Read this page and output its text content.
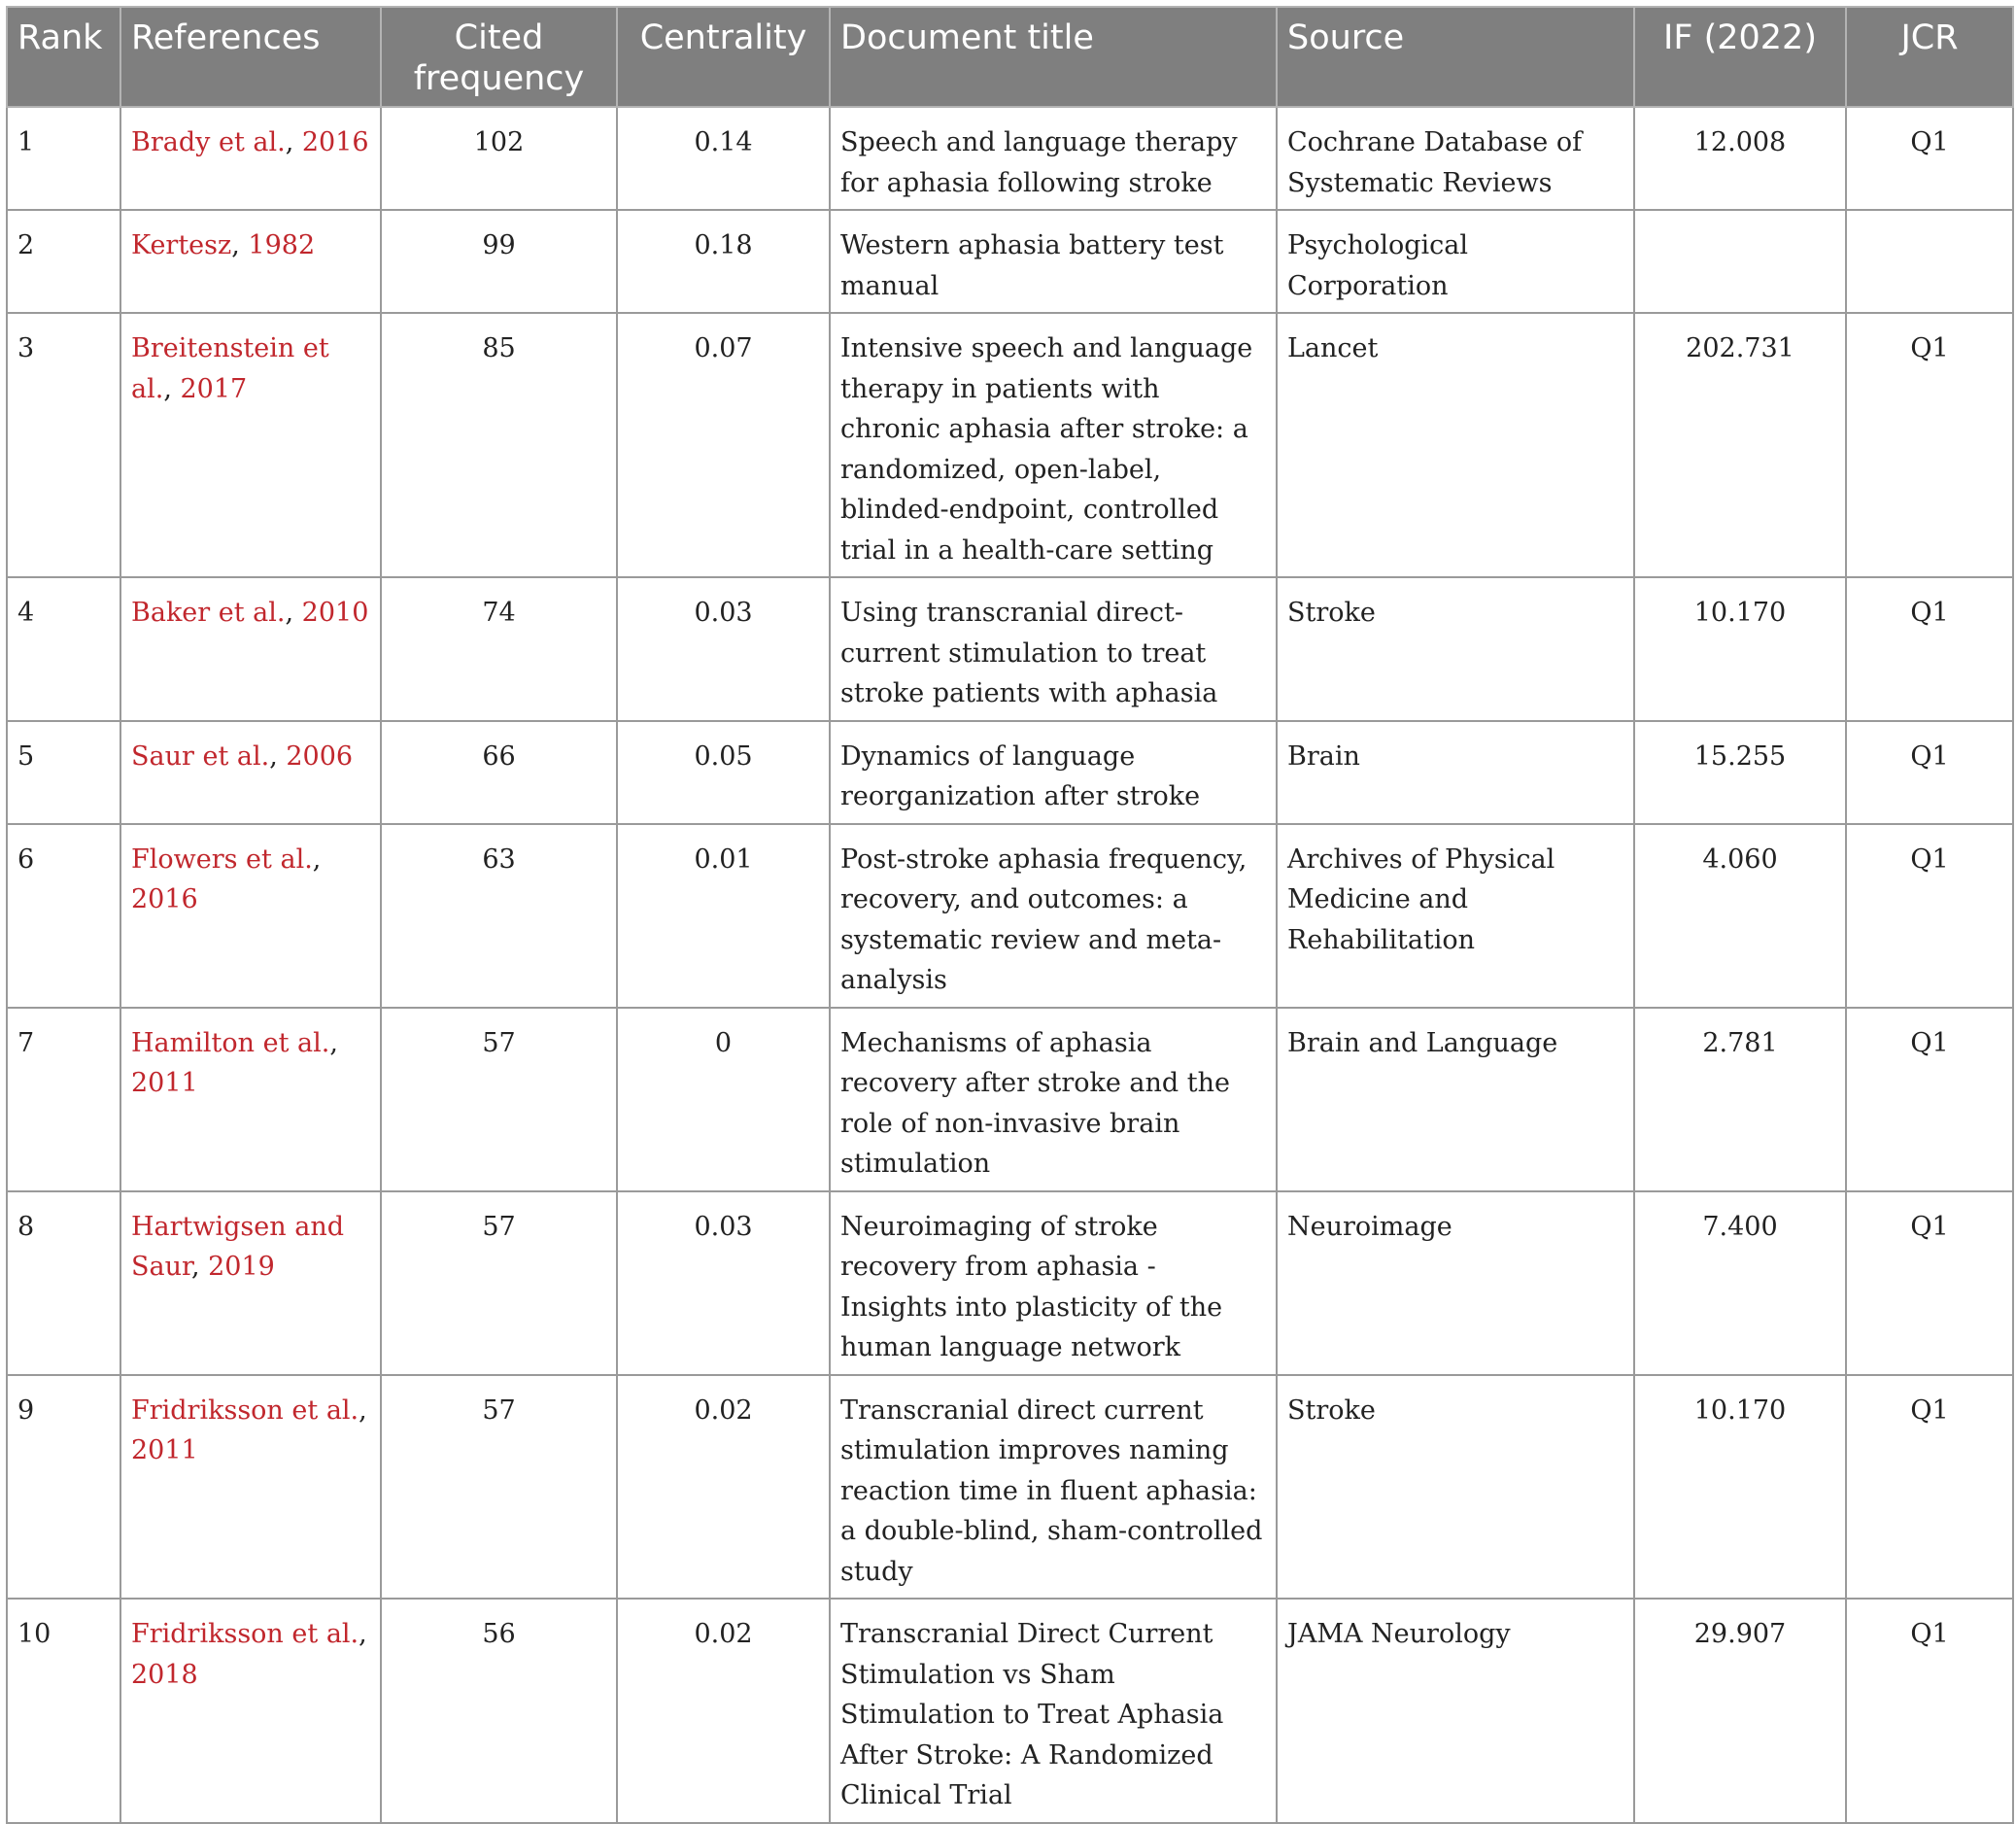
Rank	References	Cited frequency	Centrality	Document title	Source	IF (2022)	JCR
1	Brady et al., 2016	102	0.14	Speech and language therapy for aphasia following stroke	Cochrane Database of Systematic Reviews	12.008	Q1
2	Kertesz, 1982	99	0.18	Western aphasia battery test manual	Psychological Corporation		
3	Breitenstein et al., 2017	85	0.07	Intensive speech and language therapy in patients with chronic aphasia after stroke: a randomized, open-label, blinded-endpoint, controlled trial in a health-care setting	Lancet	202.731	Q1
4	Baker et al., 2010	74	0.03	Using transcranial direct-current stimulation to treat stroke patients with aphasia	Stroke	10.170	Q1
5	Saur et al., 2006	66	0.05	Dynamics of language reorganization after stroke	Brain	15.255	Q1
6	Flowers et al., 2016	63	0.01	Post-stroke aphasia frequency, recovery, and outcomes: a systematic review and meta-analysis	Archives of Physical Medicine and Rehabilitation	4.060	Q1
7	Hamilton et al., 2011	57	0	Mechanisms of aphasia recovery after stroke and the role of non-invasive brain stimulation	Brain and Language	2.781	Q1
8	Hartwigsen and Saur, 2019	57	0.03	Neuroimaging of stroke recovery from aphasia - Insights into plasticity of the human language network	Neuroimage	7.400	Q1
9	Fridriksson et al., 2011	57	0.02	Transcranial direct current stimulation improves naming reaction time in fluent aphasia: a double-blind, sham-controlled study	Stroke	10.170	Q1
10	Fridriksson et al., 2018	56	0.02	Transcranial Direct Current Stimulation vs Sham Stimulation to Treat Aphasia After Stroke: A Randomized Clinical Trial	JAMA Neurology	29.907	Q1
